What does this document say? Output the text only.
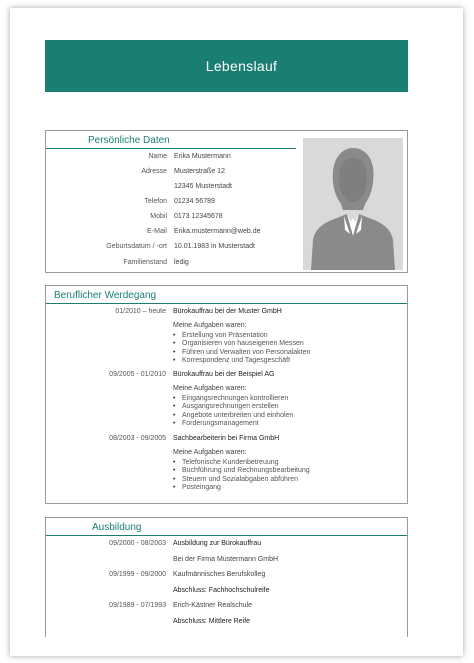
Lebenslauf
Persönliche Daten
Name Erika Mustermann
Adresse Musterstraße 12
12345 Musterstadt
Telefon 01234 56789
Mobil 0173 12345678
E-Mail Erika.mustermann@web.de
Geburtsdatum / -ort 10.01.1983 in Musterstadt
Familienstand ledig
Beruflicher Werdegang
01/2010 – heute Bürokauffrau bei der Muster GmbH
Meine Aufgaben waren:
• Erstellung von Präsentation
• Organisieren von hauseigenen Messen
• Führen und Verwalten von Personalakten
• Korrespondenz und Tagesgeschäft
09/2005 - 01/2010 Bürokauffrau bei der Beispiel AG
Meine Aufgaben waren:
• Eingangsrechnungen kontrollieren
• Ausgangsrechnungen erstellen
• Angebote unterbreiten und einholen
• Forderungsmanagement
08/2003 - 09/2005 Sachbearbeiterin bei Firma GmbH
Meine Aufgaben waren:
• Telefonische Kundenbetreuung
• Buchführung und Rechnungsbearbeitung
• Steuern und Sozialabgaben abführen
• Posteingang
Ausbildung
09/2000 - 08/2003 Ausbildung zur Bürokauffrau
Bei der Firma Mustermann GmbH
09/1999 - 09/2000 Kaufmännisches Berufskolleg
Abschluss: Fachhochschulreife
09/1989 - 07/1993 Erich-Kästner Realschule
Abschluss: Mittlere Reife
